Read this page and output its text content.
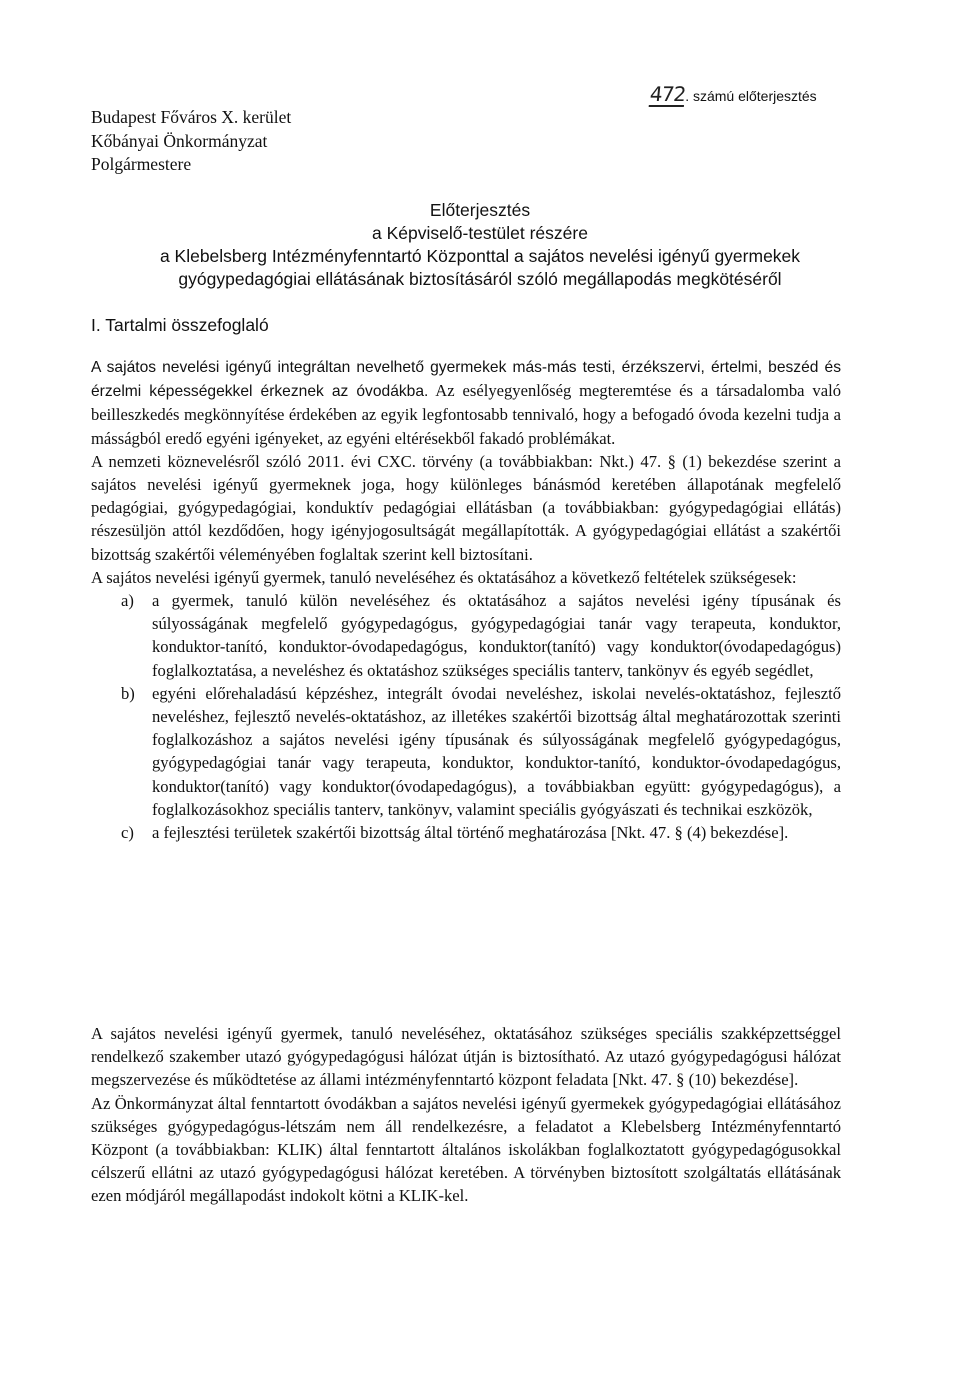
Budapest Főváros X. kerület
Kőbányai Önkormányzat
Polgármestere
472. számú előterjesztés
Előterjesztés
a Képviselő-testület részére
a Klebelsberg Intézményfenntartó Központtal a sajátos nevelési igényű gyermekek
gyógypedagógiai ellátásának biztosításáról szóló megállapodás megkötéséről
I. Tartalmi összefoglaló

A sajátos nevelési igényű integráltan nevelhető gyermekek más-más testi, érzékszervi, értelmi, beszéd és érzelmi képességekkel érkeznek az óvodákba. Az esélyegyenlőség megteremtése és a társadalomba való beilleszkedés megkönnyítése érdekében az egyik legfontosabb tennivaló, hogy a befogadó óvoda kezelni tudja a másságból eredő egyéni igényeket, az egyéni eltérésekből fakadó problémákat.

A nemzeti köznevelésről szóló 2011. évi CXC. törvény (a továbbiakban: Nkt.) 47. § (1) bekezdése szerint a sajátos nevelési igényű gyermeknek joga, hogy különleges bánásmód keretében állapotának megfelelő pedagógiai, gyógypedagógiai, konduktív pedagógiai ellátásban (a továbbiakban: gyógypedagógiai ellátás) részesüljön attól kezdődően, hogy igényjogosultságát megállapították. A gyógypedagógiai ellátást a szakértői bizottság szakértői véleményében foglaltak szerint kell biztosítani.

A sajátos nevelési igényű gyermek, tanuló neveléséhez és oktatásához a következő feltételek szükségesek:

a) a gyermek, tanuló külön neveléséhez és oktatásához a sajátos nevelési igény típusának és súlyosságának megfelelő gyógypedagógus, gyógypedagógiai tanár vagy terapeuta, konduktor, konduktor-tanító, konduktor-óvodapedagógus, konduktor(tanító) vagy konduktor(óvodapedagógus) foglalkoztatása, a neveléshez és oktatáshoz szükséges speciális tanterv, tankönyv és egyéb segédlet,
b) egyéni előrehaladású képzéshez, integrált óvodai neveléshez, iskolai nevelés-oktatáshoz, fejlesztő neveléshez, fejlesztő nevelés-oktatáshoz, az illetékes szakértői bizottság által meghatározottak szerinti foglalkozáshoz a sajátos nevelési igény típusának és súlyosságának megfelelő gyógypedagógus, gyógypedagógiai tanár vagy terapeuta, konduktor, konduktor-tanító, konduktor-óvodapedagógus, konduktor(tanító) vagy konduktor(óvodapedagógus), a továbbiakban együtt: gyógypedagógus), a foglalkozásokhoz speciális tanterv, tankönyv, valamint speciális gyógyászati és technikai eszközök,
c) a fejlesztési területek szakértői bizottság által történő meghatározása [Nkt. 47. § (4) bekezdése].

A sajátos nevelési igényű gyermek, tanuló neveléséhez, oktatásához szükséges speciális szakképzettséggel rendelkező szakember utazó gyógypedagógusi hálózat útján is biztosítható. Az utazó gyógypedagógusi hálózat megszervezése és működtetése az állami intézményfenntartó központ feladata [Nkt. 47. § (10) bekezdése].

Az Önkormányzat által fenntartott óvodákban a sajátos nevelési igényű gyermekek gyógypedagógiai ellátásához szükséges gyógypedagógus-létszám nem áll rendelkezésre, a feladatot a Klebelsberg Intézményfenntartó Központ (a továbbiakban: KLIK) által fenntartott általános iskolákban foglalkoztatott gyógypedagógusokkal célszerű ellátni az utazó gyógypedagógusi hálózat keretében. A törvényben biztosított szolgáltatás ellátásának ezen módjáról megállapodást indokolt kötni a KLIK-kel.
